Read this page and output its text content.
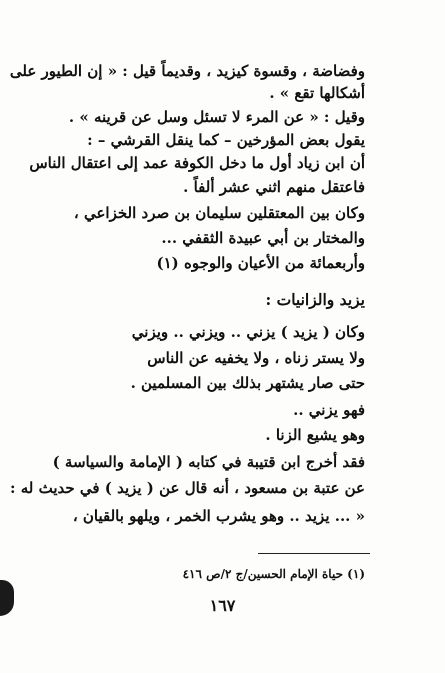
وفضاضة ، وقسوة كيزيد ، وقديماً قيل : « إن الطيور على
أشكالها تقع » .
وقيل : « عن المرء لا تسئل وسل عن قرينه » .
يقول بعض المؤرخين – كما ينقل القرشي – :
أن ابن زياد أول ما دخل الكوفة عمد إلى اعتقال الناس
فاعتقل منهم اثني عشر ألفاً .
وكان بين المعتقلين سليمان بن صرد الخزاعي ،
والمختار بن أبي عبيدة الثقفي ...
وأربعمائة من الأعيان والوجوه (١)
يزيد والزانيات :
وكان ( يزيد ) يزني .. ويزني .. ويزني
ولا يستر زناه ، ولا يخفيه عن الناس
حتى صار يشتهر بذلك بين المسلمين .
فهو يزني ..
وهو يشيع الزنا .
فقد أخرج ابن قتيبة في كتابه ( الإمامة والسياسة )
عن عتبة بن مسعود ، أنه قال عن ( يزيد ) في حديث له :
« ... يزيد .. وهو يشرب الخمر ، ويلهو بالقيان ،
(١) حياة الإمام الحسين/ج ٢/ص ٤١٦
١٦٧
